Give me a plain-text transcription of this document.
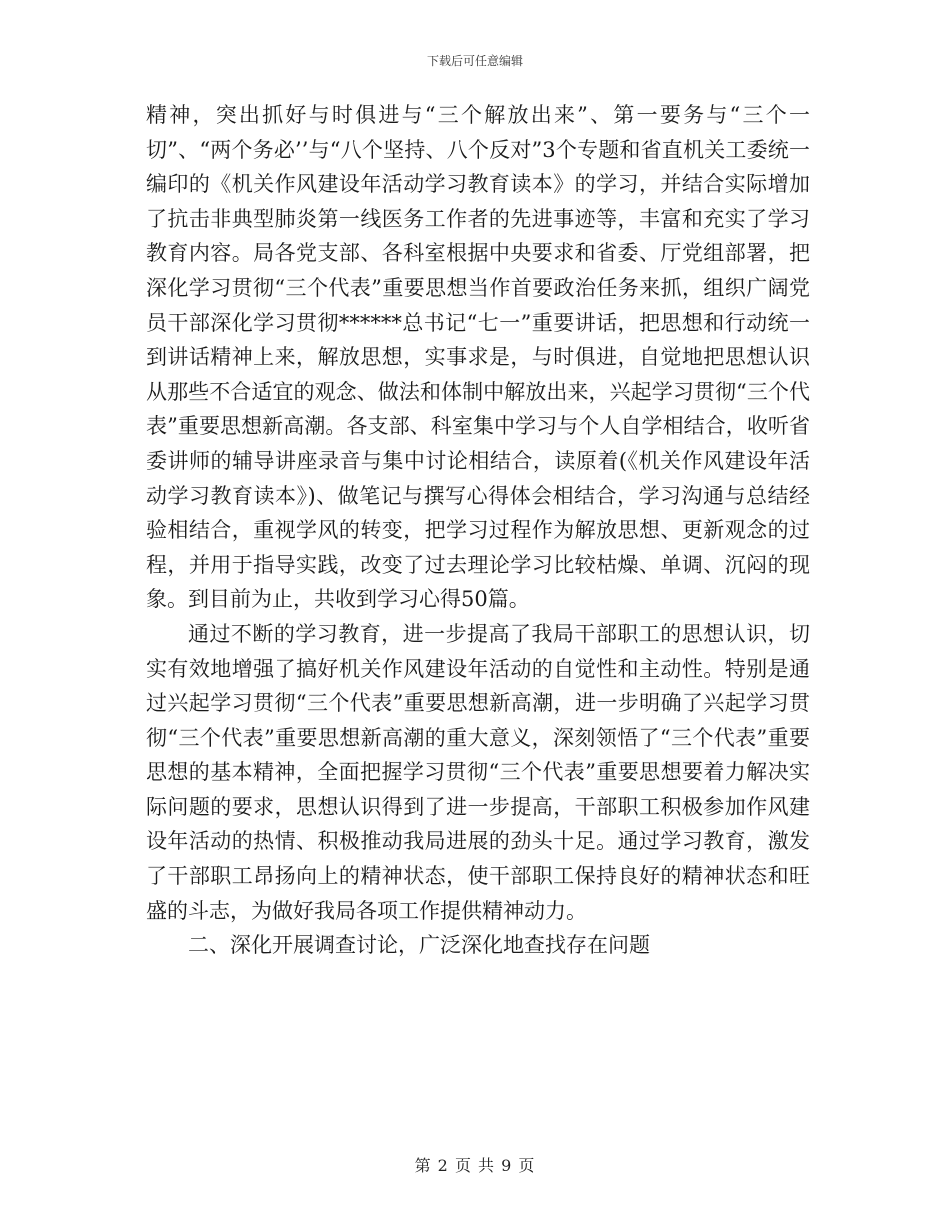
下载后可任意编辑

精神，突出抓好与时俱进与“三个解放出来”、第一要务与“三个一切”、“两个务必’’与“八个坚持、八个反对”3个专题和省直机关工委统一编印的《机关作风建设年活动学习教育读本》的学习，并结合实际增加了抗击非典型肺炎第一线医务工作者的先进事迹等，丰富和充实了学习教育内容。局各党支部、各科室根据中央要求和省委、厅党组部署，把深化学习贯彻“三个代表”重要思想当作首要政治任务来抓，组织广阔党员干部深化学习贯彻******总书记“七一”重要讲话，把思想和行动统一到讲话精神上来，解放思想，实事求是，与时俱进，自觉地把思想认识从那些不合适宜的观念、做法和体制中解放出来，兴起学习贯彻“三个代表”重要思想新高潮。各支部、科室集中学习与个人自学相结合，收听省委讲师的辅导讲座录音与集中讨论相结合，读原着(《机关作风建设年活动学习教育读本》)、做笔记与撰写心得体会相结合，学习沟通与总结经验相结合，重视学风的转变，把学习过程作为解放思想、更新观念的过程，并用于指导实践，改变了过去理论学习比较枯燥、单调、沉闷的现象。到目前为止，共收到学习心得50篇。

通过不断的学习教育，进一步提高了我局干部职工的思想认识，切实有效地增强了搞好机关作风建设年活动的自觉性和主动性。特别是通过兴起学习贯彻“三个代表”重要思想新高潮，进一步明确了兴起学习贯彻“三个代表”重要思想新高潮的重大意义，深刻领悟了“三个代表”重要思想的基本精神，全面把握学习贯彻“三个代表”重要思想要着力解决实际问题的要求，思想认识得到了进一步提高，干部职工积极参加作风建设年活动的热情、积极推动我局进展的劲头十足。通过学习教育，激发了干部职工昂扬向上的精神状态，使干部职工保持良好的精神状态和旺盛的斗志，为做好我局各项工作提供精神动力。

二、深化开展调查讨论，广泛深化地查找存在问题

第 2 页 共 9 页
